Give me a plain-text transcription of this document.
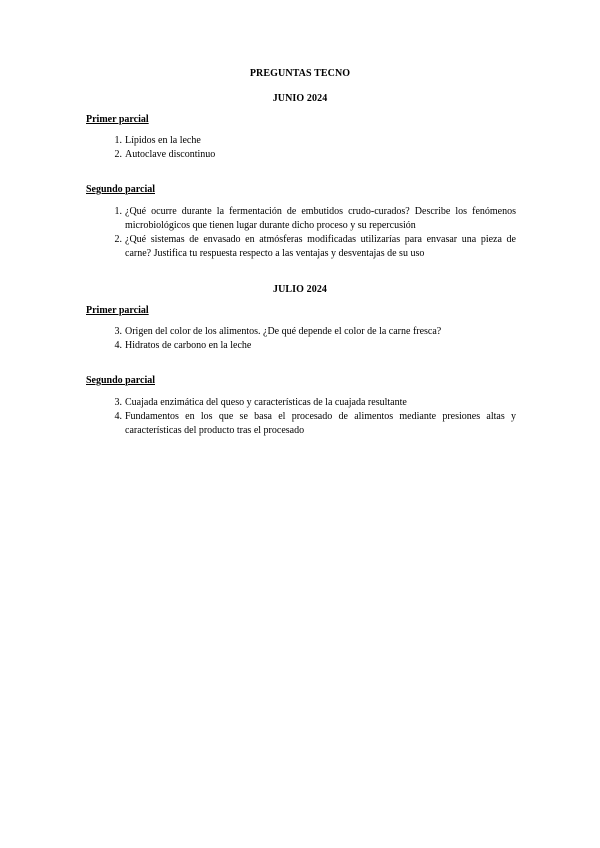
PREGUNTAS TECNO
JUNIO 2024
Primer parcial
1. Lípidos en la leche
2. Autoclave discontinuo
Segundo parcial
1. ¿Qué ocurre durante la fermentación de embutidos crudo-curados? Describe los fenómenos microbiológicos que tienen lugar durante dicho proceso y su repercusión
2. ¿Qué sistemas de envasado en atmósferas modificadas utilizarías para envasar una pieza de carne? Justifica tu respuesta respecto a las ventajas y desventajas de su uso
JULIO 2024
Primer parcial
3. Origen del color de los alimentos. ¿De qué depende el color de la carne fresca?
4. Hidratos de carbono en la leche
Segundo parcial
3. Cuajada enzimática del queso y características de la cuajada resultante
4. Fundamentos en los que se basa el procesado de alimentos mediante presiones altas y características del producto tras el procesado
